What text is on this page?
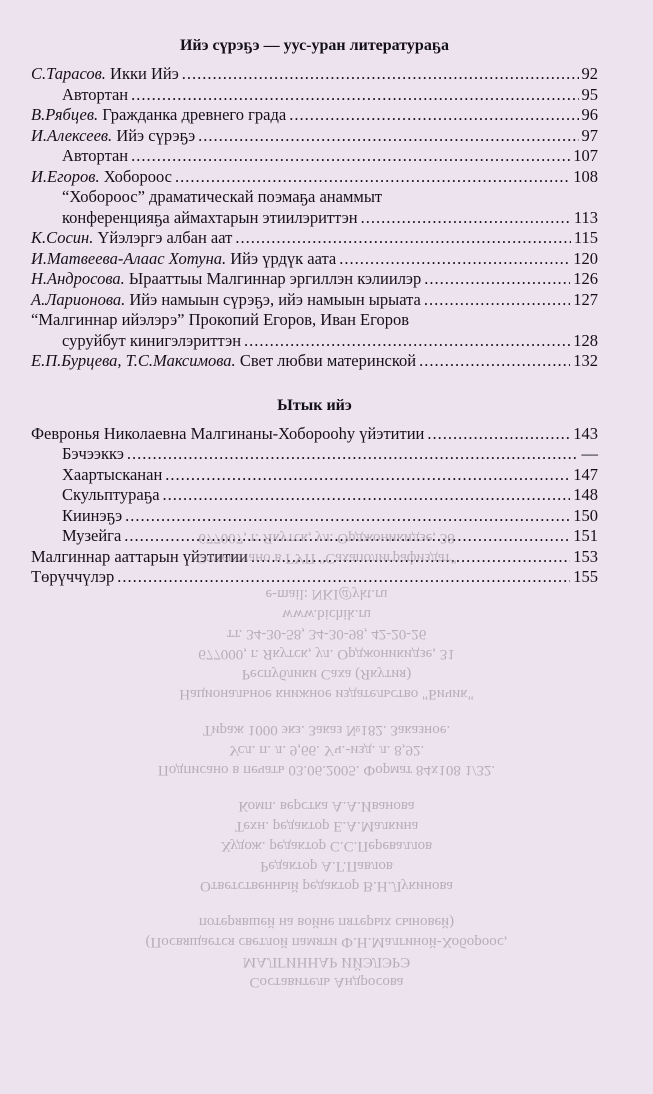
Ийэ сүрэҕэ — уус-уран литератураҕа
С.Тарасов. Икки Ийэ .....	92
Автортан .....	95
В.Рябцев. Гражданка древнего града .....	96
И.Алексеев. Ийэ сүрэҕэ .....	97
Автортан .....	107
И.Егоров. Хобороос .....	108
“Хобороос” драматическай поэмаҕа анаммыт
конференцияҕа аймахтарын этиилэриттэн .....	113
К.Сосин. Үйэлэргэ албан аат .....	115
И.Матвеева-Алаас Хотуна. Ийэ үрдүк аата .....	120
Н.Андросова. Ырааттыы Малгиннар эргиллэн кэлиилэр .....	126
А.Ларионова. Ийэ намыын сүрэҕэ, ийэ намыын ырыата .....	127
“Малгиннар ийэлэрэ” Прокопий Егоров, Иван Егоров
суруйбут кинигэлэриттэн .....	128
Е.П.Бурцева, Т.С.Максимова. Свет любви материнской .....	132
Ытык ийэ
Февронья Николаевна Малгинаны-Хоборооһу үйэтитии .....	143
Бэчээккэ .....	—
Хаартысканан .....	147
Скульптураҕа .....	148
Киинэҕэ .....	150
Музейга .....	151
Малгиннар ааттарын үйэтитии .....	153
Төрүччүлэр .....	155
Составитель Андросова
МАЛГИННАР ИЙЭЛЭРЭ
(Посвящается светлой памяти Ф.Н.Малгиной-Хобороос,
потерявшей на войне пятерых сыновей)
Ответственный редактор В.Н.Лукинова
Редактор А.Г.Павлов
Худож. редактор С.С.Переваллов
Техн. редактор Е.А.Малкина
Комп. верстка А.А.Ивановa
Подписано в печать 03.06.2005. Формат 84х108 1/32.
Усл. п. л. 9,66. Уч.-изд. л. 8,92.
Тираж 1000 экз. Заказ №182. Заказное.
Национальное книжное издательство "Бичик"
Республики Саха (Якутия)
677000, г. Якутск, ул. Орджоникидзе, 31
тт. 34-30-58, 34-30-98, 42-20-26
www.bichik.ru
e-mail: NKI@ykt.ru
Отпечатано в ГУП "Сахаполиграфиздат"
677007, г. Якутск, ул. Орджоникидзе, 38
